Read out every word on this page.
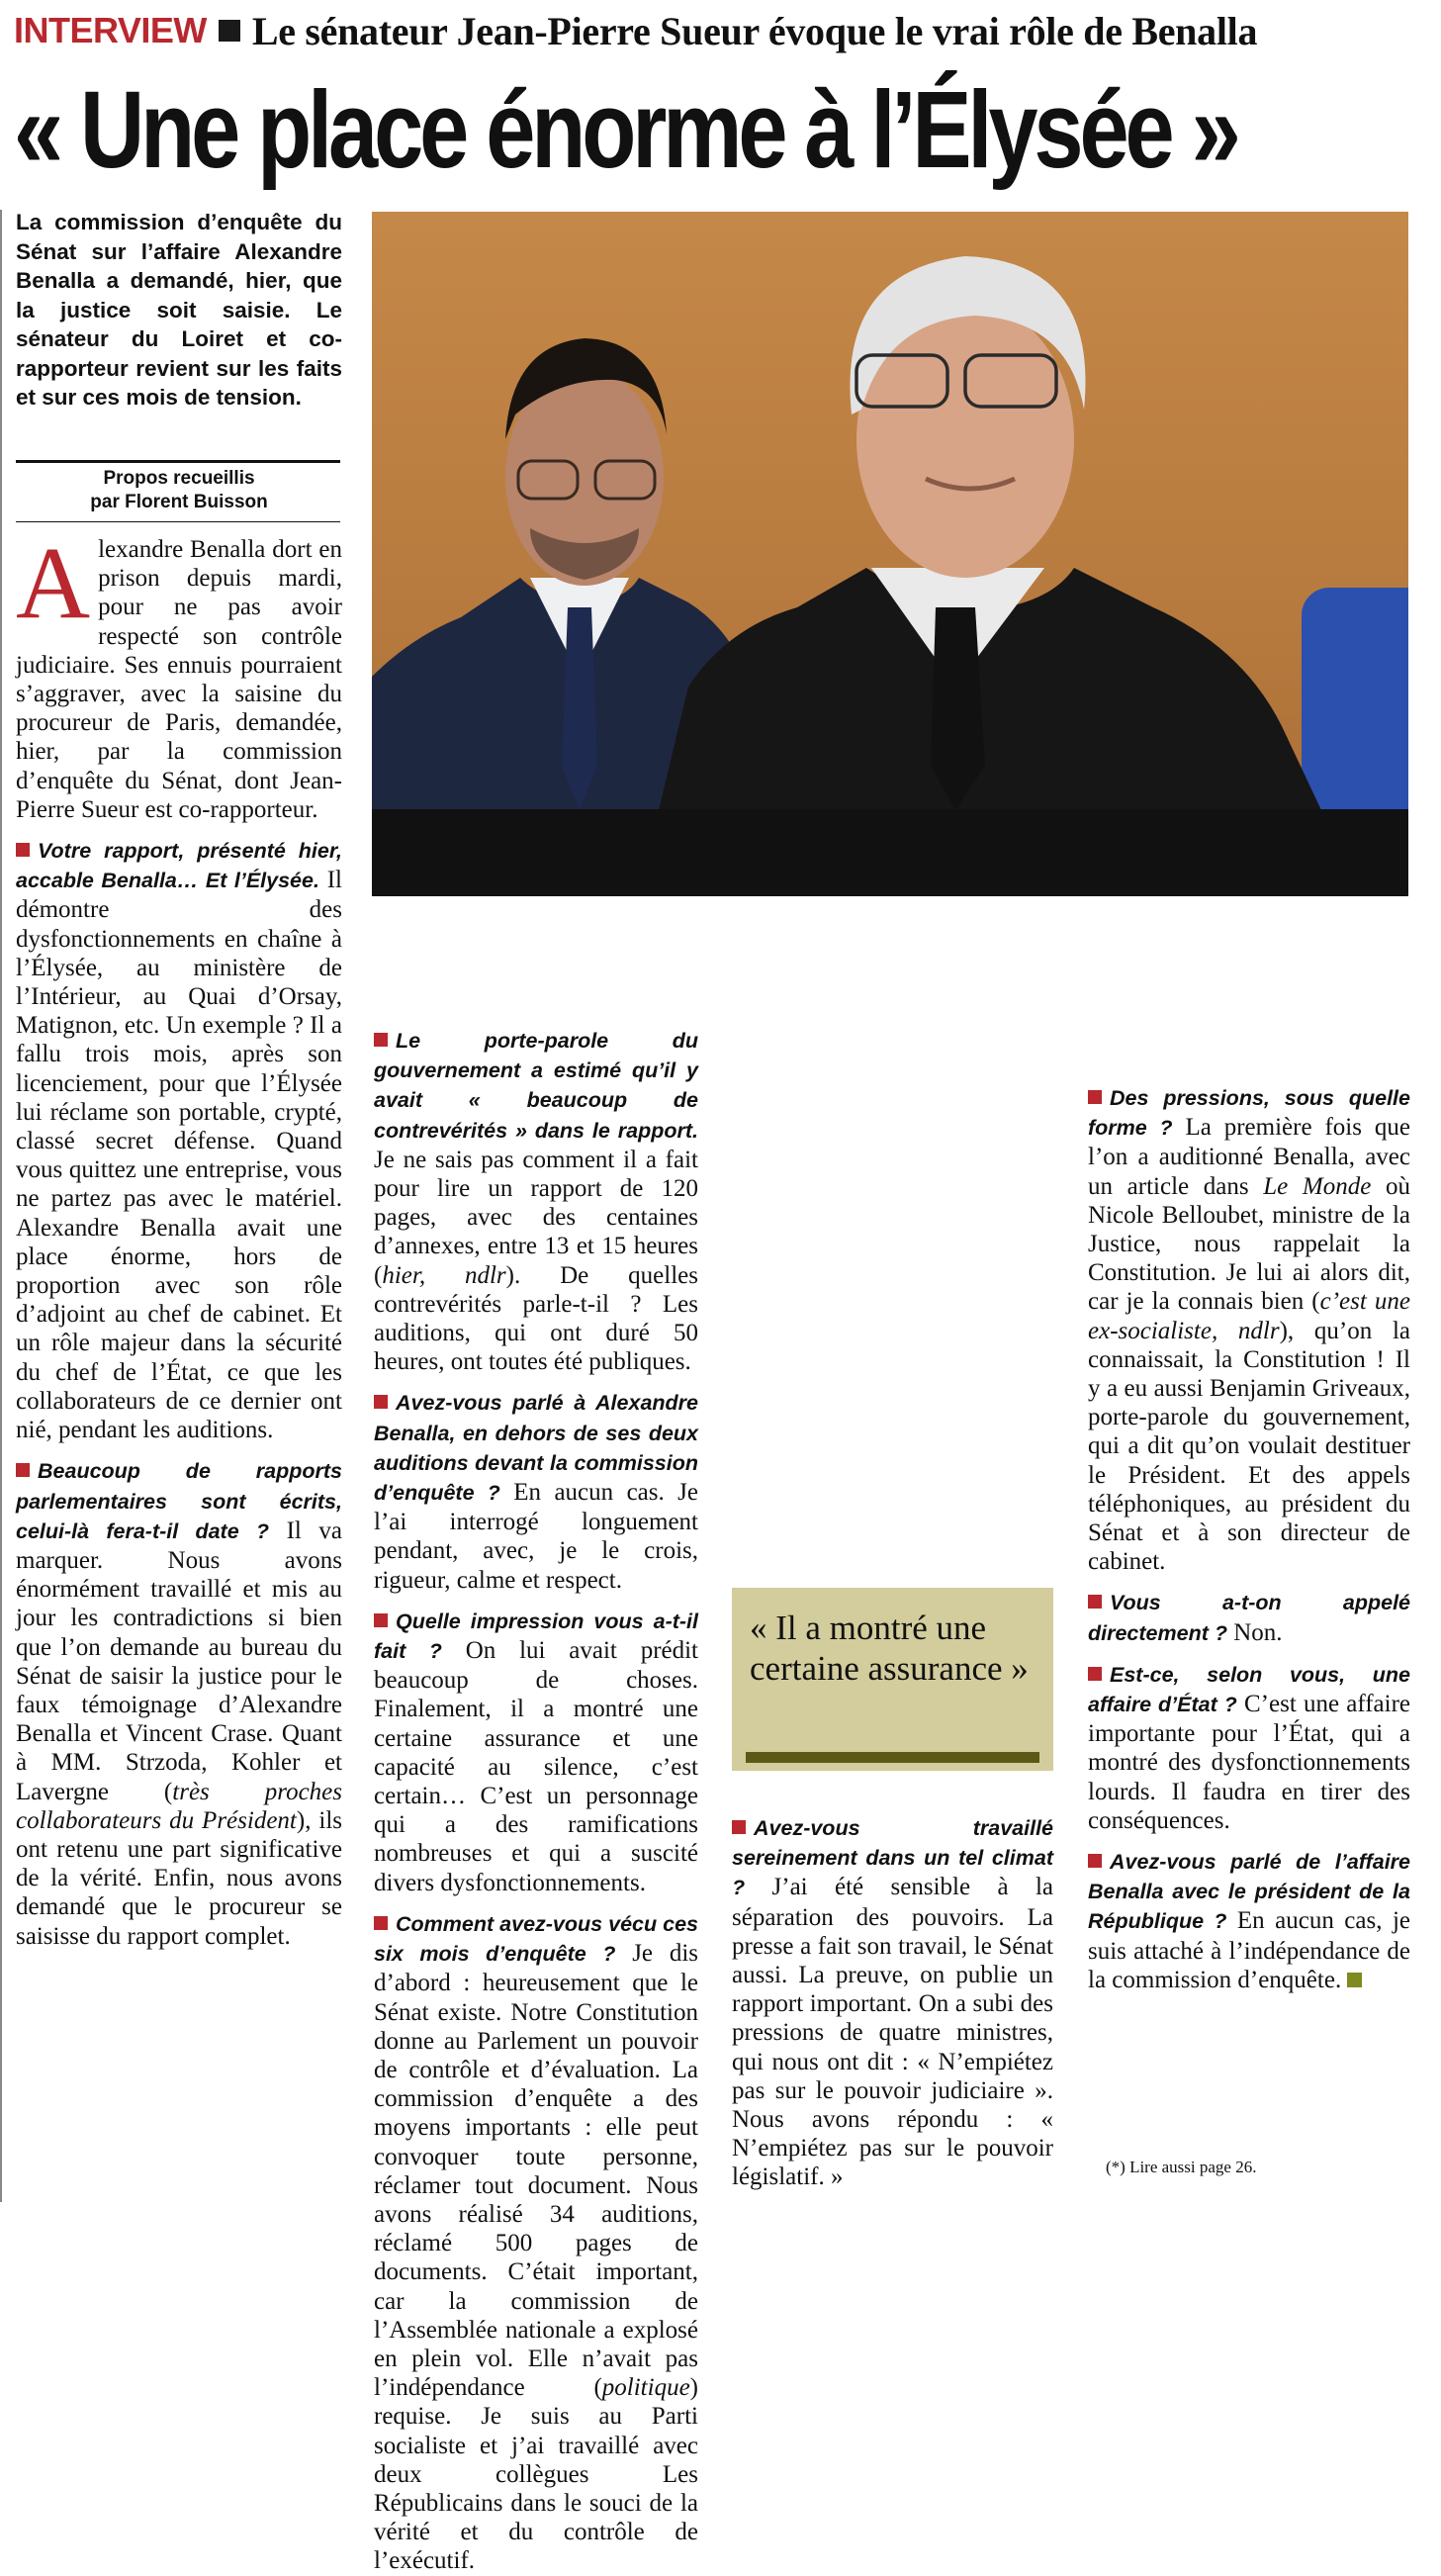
INTERVIEW Le sénateur Jean-Pierre Sueur évoque le vrai rôle de Benalla
« Une place énorme à l’Élysée »
La commission d’enquête du Sénat sur l’affaire Alexandre Benalla a demandé, hier, que la justice soit saisie. Le sénateur du Loiret et co-rapporteur revient sur les faits et sur ces mois de tension.
Propos recueillis
par Florent Buisson
ÉCHANGES. Alexandre Benalla et le sénateur loirétain, lors d’une des deux auditions devant la commission d’enquête du Sénat. PHOTO AFP

Alexandre Benalla dort en prison depuis mardi, pour ne pas avoir respecté son contrôle judiciaire. Ses ennuis pourraient s’aggraver, avec la saisine du procureur de Paris, demandée, hier, par la commission d’enquête du Sénat, dont Jean-Pierre Sueur est co-rapporteur.

Votre rapport, présenté hier, accable Benalla… Et l’Élysée. Il démontre des dysfonctionnements en chaîne à l’Élysée, au ministère de l’Intérieur, au Quai d’Orsay, Matignon, etc. Un exemple ? Il a fallu trois mois, après son licenciement, pour que l’Élysée lui réclame son portable, crypté, classé secret défense. Quand vous quittez une entreprise, vous ne partez pas avec le matériel. Alexandre Benalla avait une place énorme, hors de proportion avec son rôle d’adjoint au chef de cabinet. Et un rôle majeur dans la sécurité du chef de l’État, ce que les collaborateurs de ce dernier ont nié, pendant les auditions.

Beaucoup de rapports parlementaires sont écrits, celui-là fera-t-il date ? Il va marquer. Nous avons énormément travaillé et mis au jour les contradictions si bien que l’on demande au bureau du Sénat de saisir la justice pour le faux témoignage d’Alexandre Benalla et Vincent Crase. Quant à MM. Strzoda, Kohler et Lavergne (très proches collaborateurs du Président), ils ont retenu une part significative de la vérité. Enfin, nous avons demandé que le procureur se saisisse du rapport complet.

Le porte-parole du gouvernement a estimé qu’il y avait « beaucoup de contrevérités » dans le rapport. Je ne sais pas comment il a fait pour lire un rapport de 120 pages, avec des centaines d’annexes, entre 13 et 15 heures (hier, ndlr). De quelles contrevérités parle-t-il ? Les auditions, qui ont duré 50 heures, ont toutes été publiques.

Avez-vous parlé à Alexandre Benalla, en dehors de ses deux auditions devant la commission d’enquête ? En aucun cas. Je l’ai interrogé longuement pendant, avec, je le crois, rigueur, calme et respect.

Quelle impression vous a-t-il fait ? On lui avait prédit beaucoup de choses. Finalement, il a montré une certaine assurance et une capacité au silence, c’est certain… C’est un personnage qui a des ramifications nombreuses et qui a suscité divers dysfonctionnements.

Comment avez-vous vécu ces six mois d’enquête ? Je dis d’abord : heureusement que le Sénat existe. Notre Constitution donne au Parlement un pouvoir de contrôle et d’évaluation. La commission d’enquête a des moyens importants : elle peut convoquer toute personne, réclamer tout document. Nous avons réalisé 34 auditions, réclamé 500 pages de documents. C’était important, car la commission de l’Assemblée nationale a explosé en plein vol. Elle n’avait pas l’indépendance (politique) requise. Je suis au Parti socialiste et j’ai travaillé avec deux collègues Les Républicains dans le souci de la vérité et du contrôle de l’exécutif.

« Il a montré une certaine assurance »

Avez-vous travaillé sereinement dans un tel climat ? J’ai été sensible à la séparation des pouvoirs. La presse a fait son travail, le Sénat aussi. La preuve, on publie un rapport important. On a subi des pressions de quatre ministres, qui nous ont dit : « N’empiétez pas sur le pouvoir judiciaire ». Nous avons répondu : « N’empiétez pas sur le pouvoir législatif. »

Des pressions, sous quelle forme ? La première fois que l’on a auditionné Benalla, avec un article dans Le Monde où Nicole Belloubet, ministre de la Justice, nous rappelait la Constitution. Je lui ai alors dit, car je la connais bien (c’est une ex-socialiste, ndlr), qu’on la connaissait, la Constitution ! Il y a eu aussi Benjamin Griveaux, porte-parole du gouvernement, qui a dit qu’on voulait destituer le Président. Et des appels téléphoniques, au président du Sénat et à son directeur de cabinet.

Vous a-t-on appelé directement ? Non.

Est-ce, selon vous, une affaire d’État ? C’est une affaire importante pour l’État, qui a montré des dysfonctionnements lourds. Il faudra en tirer des conséquences.

Avez-vous parlé de l’affaire Benalla avec le président de la République ? En aucun cas, je suis attaché à l’indépendance de la commission d’enquête.

(*) Lire aussi page 26.
